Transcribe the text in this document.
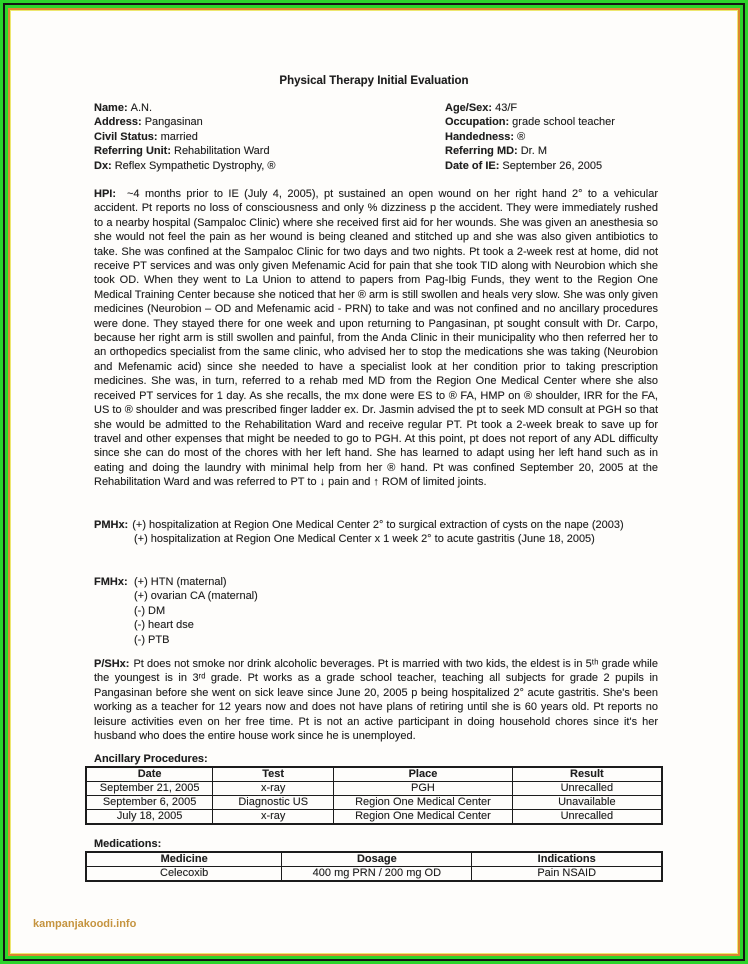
Physical Therapy Initial Evaluation
Name: A.N.	Age/Sex: 43/F
Address: Pangasinan	Occupation: grade school teacher
Civil Status: married	Handedness: ®
Referring Unit: Rehabilitation Ward	Referring MD: Dr. M
Dx: Reflex Sympathetic Dystrophy, ®	Date of IE: September 26, 2005
HPI: ~4 months prior to IE (July 4, 2005), pt sustained an open wound on her right hand 2° to a vehicular accident. Pt reports no loss of consciousness and only % dizziness p the accident. They were immediately rushed to a nearby hospital (Sampaloc Clinic) where she received first aid for her wounds. She was given an anesthesia so she would not feel the pain as her wound is being cleaned and stitched up and she was also given antibiotics to take. She was confined at the Sampaloc Clinic for two days and two nights. Pt took a 2-week rest at home, did not receive PT services and was only given Mefenamic Acid for pain that she took TID along with Neurobion which she took OD. When they went to La Union to attend to papers from Pag-Ibig Funds, they went to the Region One Medical Training Center because she noticed that her ® arm is still swollen and heals very slow. She was only given medicines (Neurobion – OD and Mefenamic acid - PRN) to take and was not confined and no ancillary procedures were done. They stayed there for one week and upon returning to Pangasinan, pt sought consult with Dr. Carpo, because her right arm is still swollen and painful, from the Anda Clinic in their municipality who then referred her to an orthopedics specialist from the same clinic, who advised her to stop the medications she was taking (Neurobion and Mefenamic acid) since she needed to have a specialist look at her condition prior to taking prescription medicines. She was, in turn, referred to a rehab med MD from the Region One Medical Center where she also received PT services for 1 day. As she recalls, the mx done were ES to ® FA, HMP on ® shoulder, IRR for the FA, US to ® shoulder and was prescribed finger ladder ex. Dr. Jasmin advised the pt to seek MD consult at PGH so that she would be admitted to the Rehabilitation Ward and receive regular PT. Pt took a 2-week break to save up for travel and other expenses that might be needed to go to PGH. At this point, pt does not report of any ADL difficulty since she can do most of the chores with her left hand. She has learned to adapt using her left hand such as in eating and doing the laundry with minimal help from her ® hand. Pt was confined September 20, 2005 at the Rehabilitation Ward and was referred to PT to ↓ pain and ↑ ROM of limited joints.
PMHx: (+) hospitalization at Region One Medical Center 2° to surgical extraction of cysts on the nape (2003)
(+) hospitalization at Region One Medical Center x 1 week 2° to acute gastritis (June 18, 2005)
FMHx: (+) HTN (maternal)
(+) ovarian CA (maternal)
(-) DM
(-) heart dse
(-) PTB
P/SHx: Pt does not smoke nor drink alcoholic beverages. Pt is married with two kids, the eldest is in 5ᵗʰ grade while the youngest is in 3ʳᵈ grade. Pt works as a grade school teacher, teaching all subjects for grade 2 pupils in Pangasinan before she went on sick leave since June 20, 2005 p being hospitalized 2° acute gastritis. She's been working as a teacher for 12 years now and does not have plans of retiring until she is 60 years old. Pt reports no leisure activities even on her free time. Pt is not an active participant in doing household chores since it's her husband who does the entire house work since he is unemployed.
Ancillary Procedures:
Date	Test	Place	Result
September 21, 2005	x-ray	PGH	Unrecalled
September 6, 2005	Diagnostic US	Region One Medical Center	Unavailable
July 18, 2005	x-ray	Region One Medical Center	Unrecalled
Medications:
Medicine	Dosage	Indications
Celecoxib	400 mg PRN / 200 mg OD	Pain NSAID
kampanjakoodi.info
